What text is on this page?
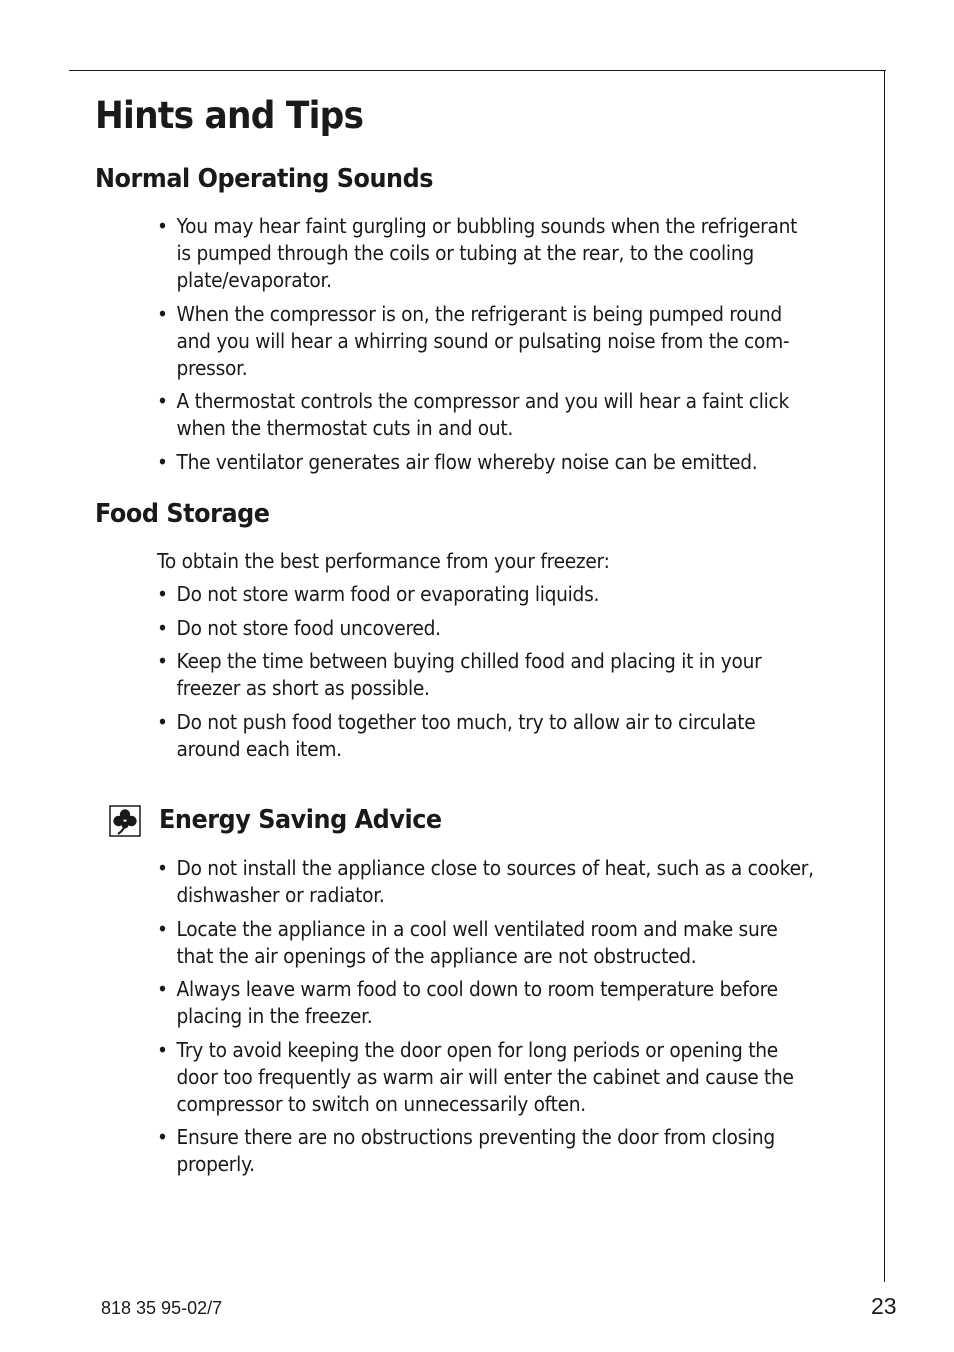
Hints and Tips
Normal Operating Sounds
• You may hear faint gurgling or bubbling sounds when the refrigerant
is pumped through the coils or tubing at the rear, to the cooling
plate/evaporator.
• When the compressor is on, the refrigerant is being pumped round
and you will hear a whirring sound or pulsating noise from the com-
pressor.
• A thermostat controls the compressor and you will hear a faint click
when the thermostat cuts in and out.
• The ventilator generates air flow whereby noise can be emitted.
Food Storage

To obtain the best performance from your freezer:

• Do not store warm food or evaporating liquids.
• Do not store food uncovered.
• Keep the time between buying chilled food and placing it in your
freezer as short as possible.
• Do not push food together too much, try to allow air to circulate
around each item.
Energy Saving Advice
• Do not install the appliance close to sources of heat, such as a cooker,
dishwasher or radiator.
• Locate the appliance in a cool well ventilated room and make sure
that the air openings of the appliance are not obstructed.
• Always leave warm food to cool down to room temperature before
placing in the freezer.
• Try to avoid keeping the door open for long periods or opening the
door too frequently as warm air will enter the cabinet and cause the
compressor to switch on unnecessarily often.
• Ensure there are no obstructions preventing the door from closing
properly.

818 35 95-02/7	23
